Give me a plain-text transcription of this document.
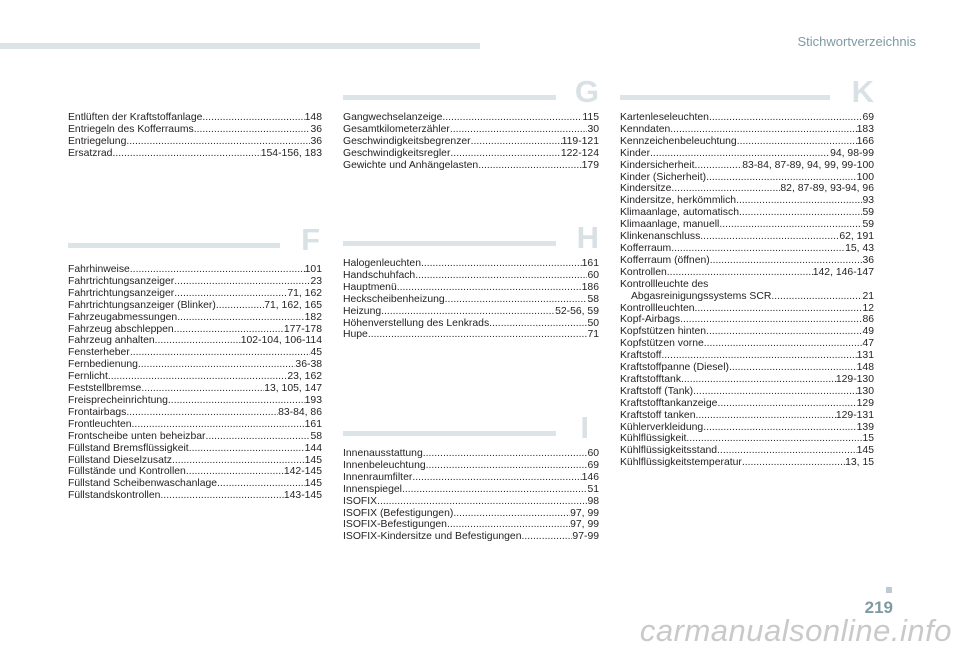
Stichwortverzeichnis
Entlüften der Kraftstoffanlage .....	148
Entriegeln des Kofferraums .....	36
Entriegelung .....	36
Ersatzrad .....	154-156, 183
F
Fahrhinweise .....	101
Fahrtrichtungsanzeiger .....	23
Fahrtrichtungsanzeiger .....	71, 162
Fahrtrichtungsanzeiger (Blinker) .....	71, 162, 165
Fahrzeugabmessungen .....	182
Fahrzeug abschleppen .....	177-178
Fahrzeug anhalten .....	102-104, 106-114
Fensterheber .....	45
Fernbedienung .....	36-38
Fernlicht .....	23, 162
Feststellbremse .....	13, 105, 147
Freisprecheinrichtung .....	193
Frontairbags .....	83-84, 86
Frontleuchten .....	161
Frontscheibe unten beheizbar .....	58
Füllstand Bremsflüssigkeit .....	144
Füllstand Dieselzusatz .....	145
Füllstände und Kontrollen .....	142-145
Füllstand Scheibenwaschanlage .....	145
Füllstandskontrollen .....	143-145
G
Gangwechselanzeige .....	115
Gesamtkilometerzähler .....	30
Geschwindigkeitsbegrenzer .....	119-121
Geschwindigkeitsregler .....	122-124
Gewichte und Anhängelasten .....	179
H
Halogenleuchten .....	161
Handschuhfach .....	60
Hauptmenü .....	186
Heckscheibenheizung .....	58
Heizung .....	52-56, 59
Höhenverstellung des Lenkrads .....	50
Hupe .....	71
I
Innenausstattung .....	60
Innenbeleuchtung .....	69
Innenraumfilter .....	146
Innenspiegel .....	51
ISOFIX .....	98
ISOFIX (Befestigungen) .....	97, 99
ISOFIX-Befestigungen .....	97, 99
ISOFIX-Kindersitze und Befestigungen .....	97-99
K
Kartenleseleuchten .....	69
Kenndaten .....	183
Kennzeichenbeleuchtung .....	166
Kinder .....	94, 98-99
Kindersicherheit .....	83-84, 87-89, 94, 99, 99-100
Kinder (Sicherheit) .....	100
Kindersitze .....	82, 87-89, 93-94, 96
Kindersitze, herkömmlich .....	93
Klimaanlage, automatisch .....	59
Klimaanlage, manuell .....	59
Klinkenanschluss .....	62, 191
Kofferraum .....	15, 43
Kofferraum (öffnen) .....	36
Kontrollen .....	142, 146-147
Kontrollleuchte des
Abgasreinigungssystems SCR .....	21
Kontrollleuchten .....	12
Kopf-Airbags .....	86
Kopfstützen hinten .....	49
Kopfstützen vorne .....	47
Kraftstoff .....	131
Kraftstoffpanne (Diesel) .....	148
Kraftstofftank .....	129-130
Kraftstoff (Tank) .....	130
Kraftstofftankanzeige .....	129
Kraftstoff tanken .....	129-131
Kühlerverkleidung .....	139
Kühlflüssigkeit .....	15
Kühlflüssigkeitsstand .....	145
Kühlflüssigkeitstemperatur .....	13, 15
219
carmanualsonline.info
